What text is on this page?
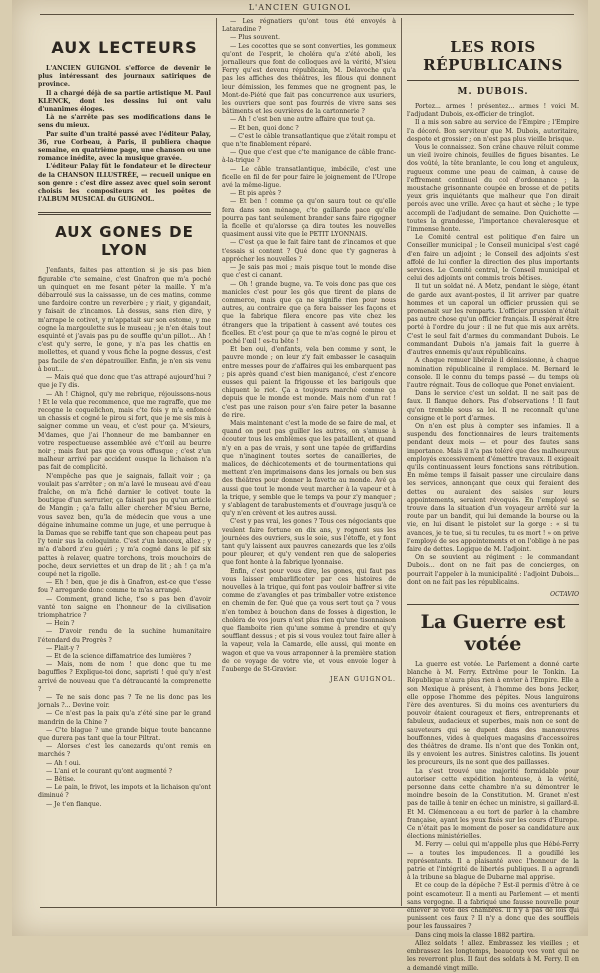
L'ANCIEN GUIGNOL
AUX LECTEURS

L'ANCIEN GUIGNOL s'efforce de devenir le plus intéressant des journaux satiriques de province.

Il a chargé déjà de sa partie artistique M. Paul KLENCK, dont les dessins lui ont valu d'unanimes éloges.

Là ne s'arrête pas ses modifications dans le sens du mieux.

Par suite d'un traité passé avec l'éditeur Palay, 36, rue Corbeau, à Paris, il publiera chaque semaine, en quatrième page, une chanson ou une romance inédite, avec la musique gravée.

L'éditeur Palay fût le fondateur et le directeur de la CHANSON ILLUSTRÉE, — recueil unique en son genre : c'est dire assez avec quel soin seront choisis les compositeurs et les poëtes de l'ALBUM MUSICAL du GUIGNOL.

AUX GONES DE LYON

J'enfants, faites pas attention si je sis pas bien figurable c'te semaine, c'est Gnafron que m'a poché un quinquet en me fesant péter la maille. Y m'a débarroulé sus la caissasse, un de ces matins, comme une fardoire contre un reverbère ; y riait, y gigandait, y faisait de z'incamos. Là dessus, sans rien dire, y m'arrape le cotivet, y m'appatait sur son estome, y me cogne la margoulette sus le museau ; je n'en étais tout esquinté et j'avais pas pu de souffle qu'un pillot... Ah ! c'est qu'y serre, le gone, y n'a pas les chattis en mollettes, et quand y vous fiche la pogne dessus, c'est pas facile de s'en dépatrouiller. Enfin, je n'en sis venu à bout...

— Mais qué que donc que t'as attrapé aujourd'hui ? que je l'y dis.

— Ah ! Chignol, qu'y me rebrique, réjouissons-nous ! Et le vela que recommence, que me ragraffe, que me recogne le coquelichon, mais c'te fois y m'a enfoncé un chassis et cogné le pirou si fort, que je me sis mis à saigner comme un veau, et c'est pour ça. M'sieurs, M'dames, que j'ai l'honneur de me bambanner en votre respectueuse assemblée avé c't'œil au beurre noir ; mais faut pas que ça vous offusque ; c'est z'un malheur arrivé par accident ousque la lichaison n'a pas fait de complicité.

N'empêche pas que je saignais, fallait voir ; ça voulait pas s'arrêter ; on m'a lavé le museau avé d'eau fraîche, on m'a fiché darnier le cotivet toute la boutique d'un serrurier, ça faisait pas pu qu'un article de Mangin ; ça'a fallu aller chercher M'sieu Berne, vous savez ben, qu'la de médecin que vous a une dégaine inhumaine comme un juge, et une perruque à la Damas que se rebiffe tant que son chapeau peut pas l'y tenir sus la coloquinte. C'est z'un lanceux, allez ; y m'a d'abord z'eu guéri ; y m'a cogné dans le pif six pattes à relaver, quatre torchons, trois mouchoirs de poche, deux serviettes et un drap de lit ; ah ! ça m'a coupé net la rigolle.

— Eh ! ben, que je dis à Gnafron, est-ce que t'esse fou ? arregarde donc comme te m'as arrangé.

— Comment, grand liche, t'so s pas ben d'avoir vanté ton saigne en l'honneur de la civilisation triomphatrice ?

— Hein ?

— D'avoir rendu de la suchine humanitaire l'étendard du Progrès ?

— Plait-y ?

— Et de la science diffamatrice des lumières ?

— Mais, nom de nom ! que donc que tu me baguffles ? Explique-toi donc, sapristi ! qué qu'y n'est arrivé de nouveau que t'a détraucanté la comprenette ?

— Te ne sais donc pas ? Te ne lis donc pas les jornals ?... Devine voir.

— Ce n'est pas la paix qu'a z'été sine par le grand mandrin de la Chine ?

— C'te blague ? une grande bique toute bancanne que durera pas tant que la tour Piltrat.

— Alorses c'est les canezards qu'ont remis en marchés ?

— Ah ! oui.

— L'ani et le courant qu'ont augmenté ?

— Bêtise.

— Le pain, le frivot, les impots et la lichaison qu'ont diminué ?

— Je t'en flanque.

— Les régnatiers qu'ont tous été envoyés à Lataradine ?

— Plus souvent.

— Les cocottes que se sont converties, les gommeux qu'ont de l'esprit, le choléra qu'a z'été aboli, les jornalleurs que font de colloques avé la vérité, M'sieu Ferry qu'est devenu républicain, M. Delavoche qu'a pas les affiches des théâtres, les filous qui donnent leur démission, les femmes que ne grognent pas, le Mont-de-Piété que fait pas concurrence aux usuriers, les ouvriers que sont pas fourrés de vivre sans ses bâtiments et les ouvrières de la cartonnerie ?

— Ah ! c'est ben une autre affaire que tout ça.

— Et ben, quoi donc ?

— C'est le câble transatlantique que z'était rompu et que n'te finablement réparé.

— Que que c'est que c'te manigance de câble franc-à-la-trique ?

— Le câble transatlantique, imbécile, c'est une ficelle en fil de fer pour faire le joignement de l'Urope avé la même-ligue.

— Et pis après ?

— Et ben ! comme ça qu'on saura tout ce qu'elle fera dans son ménage, c'te gaillarde pace qu'elle pourra pas tant seulement brander sans faire rigogner la ficelle et qu'alorsse ça dira toutes les nouvelles quasiment aussi vite que le PETIT LYONNAIS.

— C'est ça que le fait faire tant de z'incamos et que t'essais si content ? Qué donc que t'y gagneras à apprécher les nouvelles ?

— Je sais pas moi ; mais pisque tout le monde dise que c'est ci canant.

— Oh ! grande bugne, va. Te vois donc pas que ces manicles c'est pour les gôs que tirent de plans de commerce, mais que ça ne signifie rien pour nous autres, au contraire que ça fera baisser les façons et que la fabrique filera encore pas vite chez les étrangers que la tripatient à cassent avé toutes ces ficelles. Et c'est pour ça que te m'as cogné le pirou et poché l'œil ! es-tu bête !

Et ben oui, d'enfants, vela ben comme y sont, le pauvre monde ; on leur z'y fait embasser le casaquin entre messes pour de z'affaires qui les embarquent pas ; pis après quand c'est bien manigancé, c'est z'encore eusses qui paient la frigousse et les barigouls que chiquent le riot. Ça a toujours marché comme ça depuis que le monde est monde. Mais nom d'un rat ! c'est pas une raison pour s'en faire peter la basanne de rire.

Mais maintenant c'est la mode de se faire de mal, et quand on peut pas guiller les autres, on s'amuse à écouter tous les emblèmes que les pataillent, et quand n'y en a pas de vrais, y sont une tapée de griffardins que n'inaginent toutes sortes de canailleries, de malices, de déchicotements et de tourmentations qui mettent z'en imprimaisons dans les jornals ou ben sus des théâtres pour donner la favette au monde. Avé ça aussi que tout le monde veut marcher à la vapeur et à la trique, y semble que le temps va pour z'y manquer ; y s'ablagent de tarabustements et d'ouvrage jusqu'à ce qu'y n'en crèvent et les autres aussi.

C'est y pas vrai, les gones ? Tous ces négociants que veulent faire fortune en dix ans, y rognent sus les journées des ouvriers, sus le soie, sus l'étoffe, et y font tant qu'y laissent aux pauvres canezards que les z'oils pour pleurer, et qu'y vendent ren que de saloperies que font honte à la fabrique lyonnaise.

Enfin, c'est pour vous dire, les gones, qui faut pas vous laisser embarliflcoter par ces histoires de nouvelles à la trique, qui font pas vouloir baffrer si vite comme de z'avangles et pas trimballer votre existence en chemin de fer. Qué que ça vous sert tout ça ? vous n'en tombez à bouchon dans de fosses à digestion, le choléra de vos jours n'est plus rien qu'une tisonnaison que flamboite rien qu'une somme à prendre et qu'y soufflant dessus ; et pis si vous voulez tout faire aller à la vapeur, vela la Camarde, elle aussi, qui monte en wagon et que va vous arraponner à la première station de ce voyage de votre vie, et vous envoie loger à l'auberge de St-Gravier.

JEAN GUIGNOL.
LES ROIS RÉPUBLICAINS
M. DUBOIS.

Portez... armes ! présentez... armes ! voici M. l'adjudant Dubois, ex-officier de tringlot.

Il a mis son sabre au service de l'Empire ; l'Empire l'a décoré. Bon serviteur que M. Dubois, autoritaire, despote et grossier ; on n'est pas plus vieille brisque.

Vous le connaissez. Son crâne chauve réluit comme un vieil ivoire chinois, feuilles de figues bisantes. Le dos voûté, la tête branlante, le cou long et anguleux, rugueux comme une peau de caiman, à cause de l'effrement continuel du col d'ordonnance ; la moustache grisonnante coupée en brosse et de petits yeux gris inquiétants que malheur que l'on dirait percés avec une vrille. Avec ça haut et sèche ; le type accompli de l'adjudant de semaine. Don Quichotte — toutes la grandesse, l'importance chevaleresque et l'immense honte.

Le Comité central est politique d'en faire un Conseiller municipal ; le Conseil municipal s'est cagé d'en faire un adjoint ; le Conseil des adjoints s'est affolé de lui confier la direction des plus importants services. Le Comité central, le Conseil municipal et celui des adjoints ont commis trois bêtises.

Il tut un soldat né. A Metz, pendant le siège, étant de garde aux avant-postes, il lit arriver par quatre hommes et un caporal un officier prussien qui se promenait sur les remparts. L'officier prussien n'était pas autre chose qu'un officier français. Il espérait être porté à l'ordre du jour : il ne fut que mis aux arrêts. C'est le seul fait d'armes du commandant Dubois. Le commandant Dubois n'a jamais fait la guerre à d'autres ennemis qu'aux républicains.

A chaque remuer libérale il démissionne, à chaque nomination républicaine il remplace. M. Bernard le console. Il le connu du temps passé — du temps où l'autre régnait. Tous de colloque que Ponet enviaient.

Dans le service c'est un soldat. Il ne sait pas de faux. Il flanque dehors. Pas d'observations ! Il faut qu'on tremble sous sa loi. Il ne reconnaît qu'une consigne et le port d'armes.

On n'en est plus à compter ses infamies. Il a suspendu des fonctionnaires de leurs traitements pendant deux mois — et pour des fautes sans importance. Mais il n'a pas toléré que des malheureux employés excessivement d'émettre travaux. Il exigeait qu'ils continuassent leurs fonctions sans rétribution. En même temps il faisait passer une circulaire dans les services, annonçant que ceux qui feraient des dettes ou auraient des saisies sur leurs appointements, seraient révoqués. En l'employé se trouve dans la situation d'un voyageur arrêté sur la route par un bandit, qui lui demande la bourse ou la vie, en lui disant le pistolet sur la gorge : « si tu avances, je te tue, si tu recules, tu es mort ! » on prive l'employé de ses appointements et on l'oblige à ne pas faire de dettes. Logique de M. l'adjoint.

On se souvient au régiment : le commandant Dubois... dont on ne fait pas de concierges, on pourrait l'appeler à la municipalité : l'adjoint Dubois... dont on ne fait pas les républicains.

OCTAVIO
La Guerre est votée

La guerre est votée. Le Parlement a donné carte blanche à M. Ferry. Extrême pour le Tonkin. La République n'aura plus rien à envier à l'Empire. Elle a son Mexique à présent, à l'homme des bons Jecker, elle oppose l'homme des pépites. Nous languirons l'ère des aventures. Si du moins ces aventuriers du pouvoir étaient courageux et fiers, entreprenants et fabuleux, audacieux et superbes, mais non ce sont de sauveteurs qui se dupent dans des manœuvres bouffonnes, vides à quelques magasins d'accessoires des théâtres de drame. Ils n'ont que des Tonkin ont, ils y envoient les autres. Sinistres calotins. Ils jouent les procureurs, ils ne sont que des paillasses.

La s'est trouvé une majorité formidable pour autoriser cette expédition honteuse, à la vérité, personne dans cette chambre n'a su démontrer le moindre besoin de la Constitution. M. Granet n'est pas de taille à tenir en échec un ministre, si gaillard-il. Et M. Clémenceau a eu tort de parler à la chambre française, ayant les yeux fixés sur les cours d'Europe. Ce n'était pas le moment de poser sa candidature aux élections ministérielles.

M. Ferry — celui qui m'appelle plus que Hébé-Ferry — a toutes les impudences. Il a goudillé les représentants. Il a plaisanté avec l'honneur de la patrie et l'intégrité de libertés publiques. Il a agrandi à la tribune sa blague de Dubarne mal apprise.

Et ce coup de la dépêche ? Est-il permis d'être à ce point escamoteur. Il a menti au Parlement — et menti sans vergogne. Il a fabriqué une fausse nouvelle pour enlever le vote des chambres. Il n'y a pas de lois qui punissent ces faux ? Il n'y a donc que des souffleis pour les faussaires ?

Dans cinq mois la classe 1882 partira.

Allez soldats ! allez. Embrassez les vieilles ; et embrassez les longtemps, beaucoup vos vont qui ne les reverront plus. Il faut des soldats à M. Ferry. Il en a demandé vingt mille.
